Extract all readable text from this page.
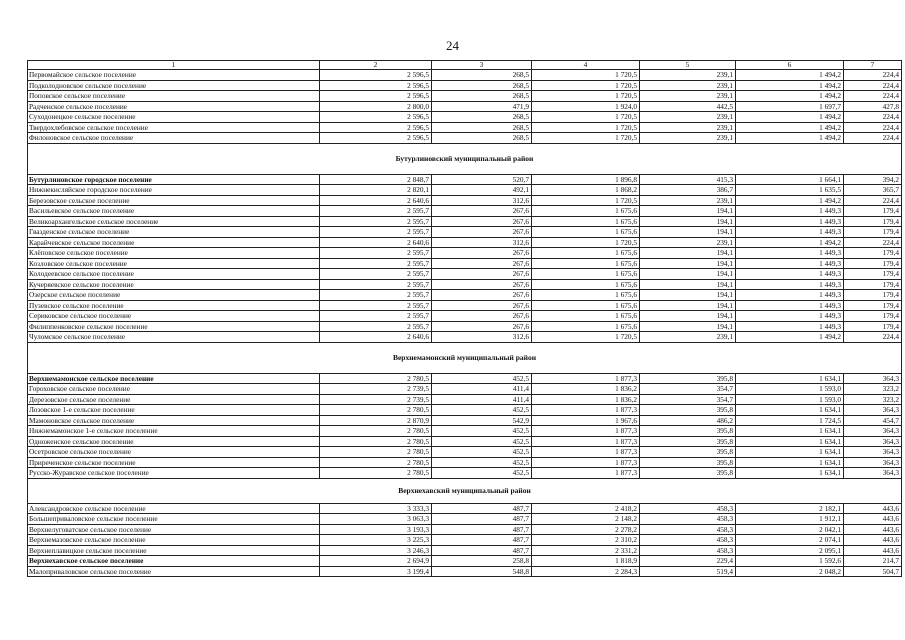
24
1	2	3	4	5	6	7
Первомайское сельское поселение	2 596,5	268,5	1 720,5	239,1	1 494,2	224,4
Подколодновское сельское поселение	2 596,5	268,5	1 720,5	239,1	1 494,2	224,4
Поповское сельское поселение	2 596,5	268,5	1 720,5	239,1	1 494,2	224,4
Радченское сельское поселение	2 800,0	471,9	1 924,0	442,5	1 697,7	427,8
Суходонецкое сельское поселение	2 596,5	268,5	1 720,5	239,1	1 494,2	224,4
Твердохлебовское сельское поселение	2 596,5	268,5	1 720,5	239,1	1 494,2	224,4
Филоновское сельское поселение	2 596,5	268,5	1 720,5	239,1	1 494,2	224,4
Бутурлиновский муниципальный район						
Бутурлиновское городское поселение	2 848,7	520,7	1 896,8	415,3	1 664,1	394,2
Нижнекисляйское городское поселение	2 820,1	492,1	1 868,2	386,7	1 635,5	365,7
Березовское сельское поселение	2 640,6	312,6	1 720,5	239,1	1 494,2	224,4
Васильевское сельское поселение	2 595,7	267,6	1 675,6	194,1	1 449,3	179,4
Великоархангельское сельское поселение	2 595,7	267,6	1 675,6	194,1	1 449,3	179,4
Гвазденское сельское поселение	2 595,7	267,6	1 675,6	194,1	1 449,3	179,4
Карайчевское сельское поселение	2 640,6	312,6	1 720,5	239,1	1 494,2	224,4
Клёповское сельское поселение	2 595,7	267,6	1 675,6	194,1	1 449,3	179,4
Козловское сельское поселение	2 595,7	267,6	1 675,6	194,1	1 449,3	179,4
Колодеевское сельское поселение	2 595,7	267,6	1 675,6	194,1	1 449,3	179,4
Кучеряевское сельское поселение	2 595,7	267,6	1 675,6	194,1	1 449,3	179,4
Озерское сельское поселение	2 595,7	267,6	1 675,6	194,1	1 449,3	179,4
Пузевское сельское поселение	2 595,7	267,6	1 675,6	194,1	1 449,3	179,4
Сериковское сельское поселение	2 595,7	267,6	1 675,6	194,1	1 449,3	179,4
Филиппенковское сельское поселение	2 595,7	267,6	1 675,6	194,1	1 449,3	179,4
Чуломское сельское поселение	2 640,6	312,6	1 720,5	239,1	1 494,2	224,4
Верхнемамонский муниципальный район						
Верхнемамонское сельское поселение	2 780,5	452,5	1 877,3	395,8	1 634,1	364,3
Гороховское сельское поселение	2 739,5	411,4	1 836,2	354,7	1 593,0	323,2
Дерезовское сельское поселение	2 739,5	411,4	1 836,2	354,7	1 593,0	323,2
Лозовское 1-е сельское поселение	2 780,5	452,5	1 877,3	395,8	1 634,1	364,3
Мамоновское сельское поселение	2 870,9	542,9	1 967,6	486,2	1 724,5	454,7
Нижнемамонское 1-е сельское поселение	2 780,5	452,5	1 877,3	395,8	1 634,1	364,3
Одноженское сельское поселение	2 780,5	452,5	1 877,3	395,8	1 634,1	364,3
Осетровское сельское поселение	2 780,5	452,5	1 877,3	395,8	1 634,1	364,3
Приреченское сельское поселение	2 780,5	452,5	1 877,3	395,8	1 634,1	364,3
Русско-Журавское сельское поселение	2 780,5	452,5	1 877,3	395,8	1 634,1	364,3
Верхнехавский муниципальный район						
Александровское сельское поселение	3 333,3	487,7	2 418,2	458,3	2 182,1	443,6
Большеприваловское сельское поселение	3 063,3	487,7	2 148,2	458,3	1 912,1	443,6
Верхнелуговатское сельское поселение	3 193,3	487,7	2 278,2	458,3	2 042,1	443,6
Верхнемазовское сельское поселение	3 225,3	487,7	2 310,2	458,3	2 074,1	443,6
Верхнеплавицкое сельское поселение	3 246,3	487,7	2 331,2	458,3	2 095,1	443,6
Верхнехавское сельское поселение	2 694,9	258,8	1 818,9	229,4	1 592,6	214,7
Малоприваловское сельское поселение	3 199,4	548,8	2 284,3	519,4	2 048,2	504,7
